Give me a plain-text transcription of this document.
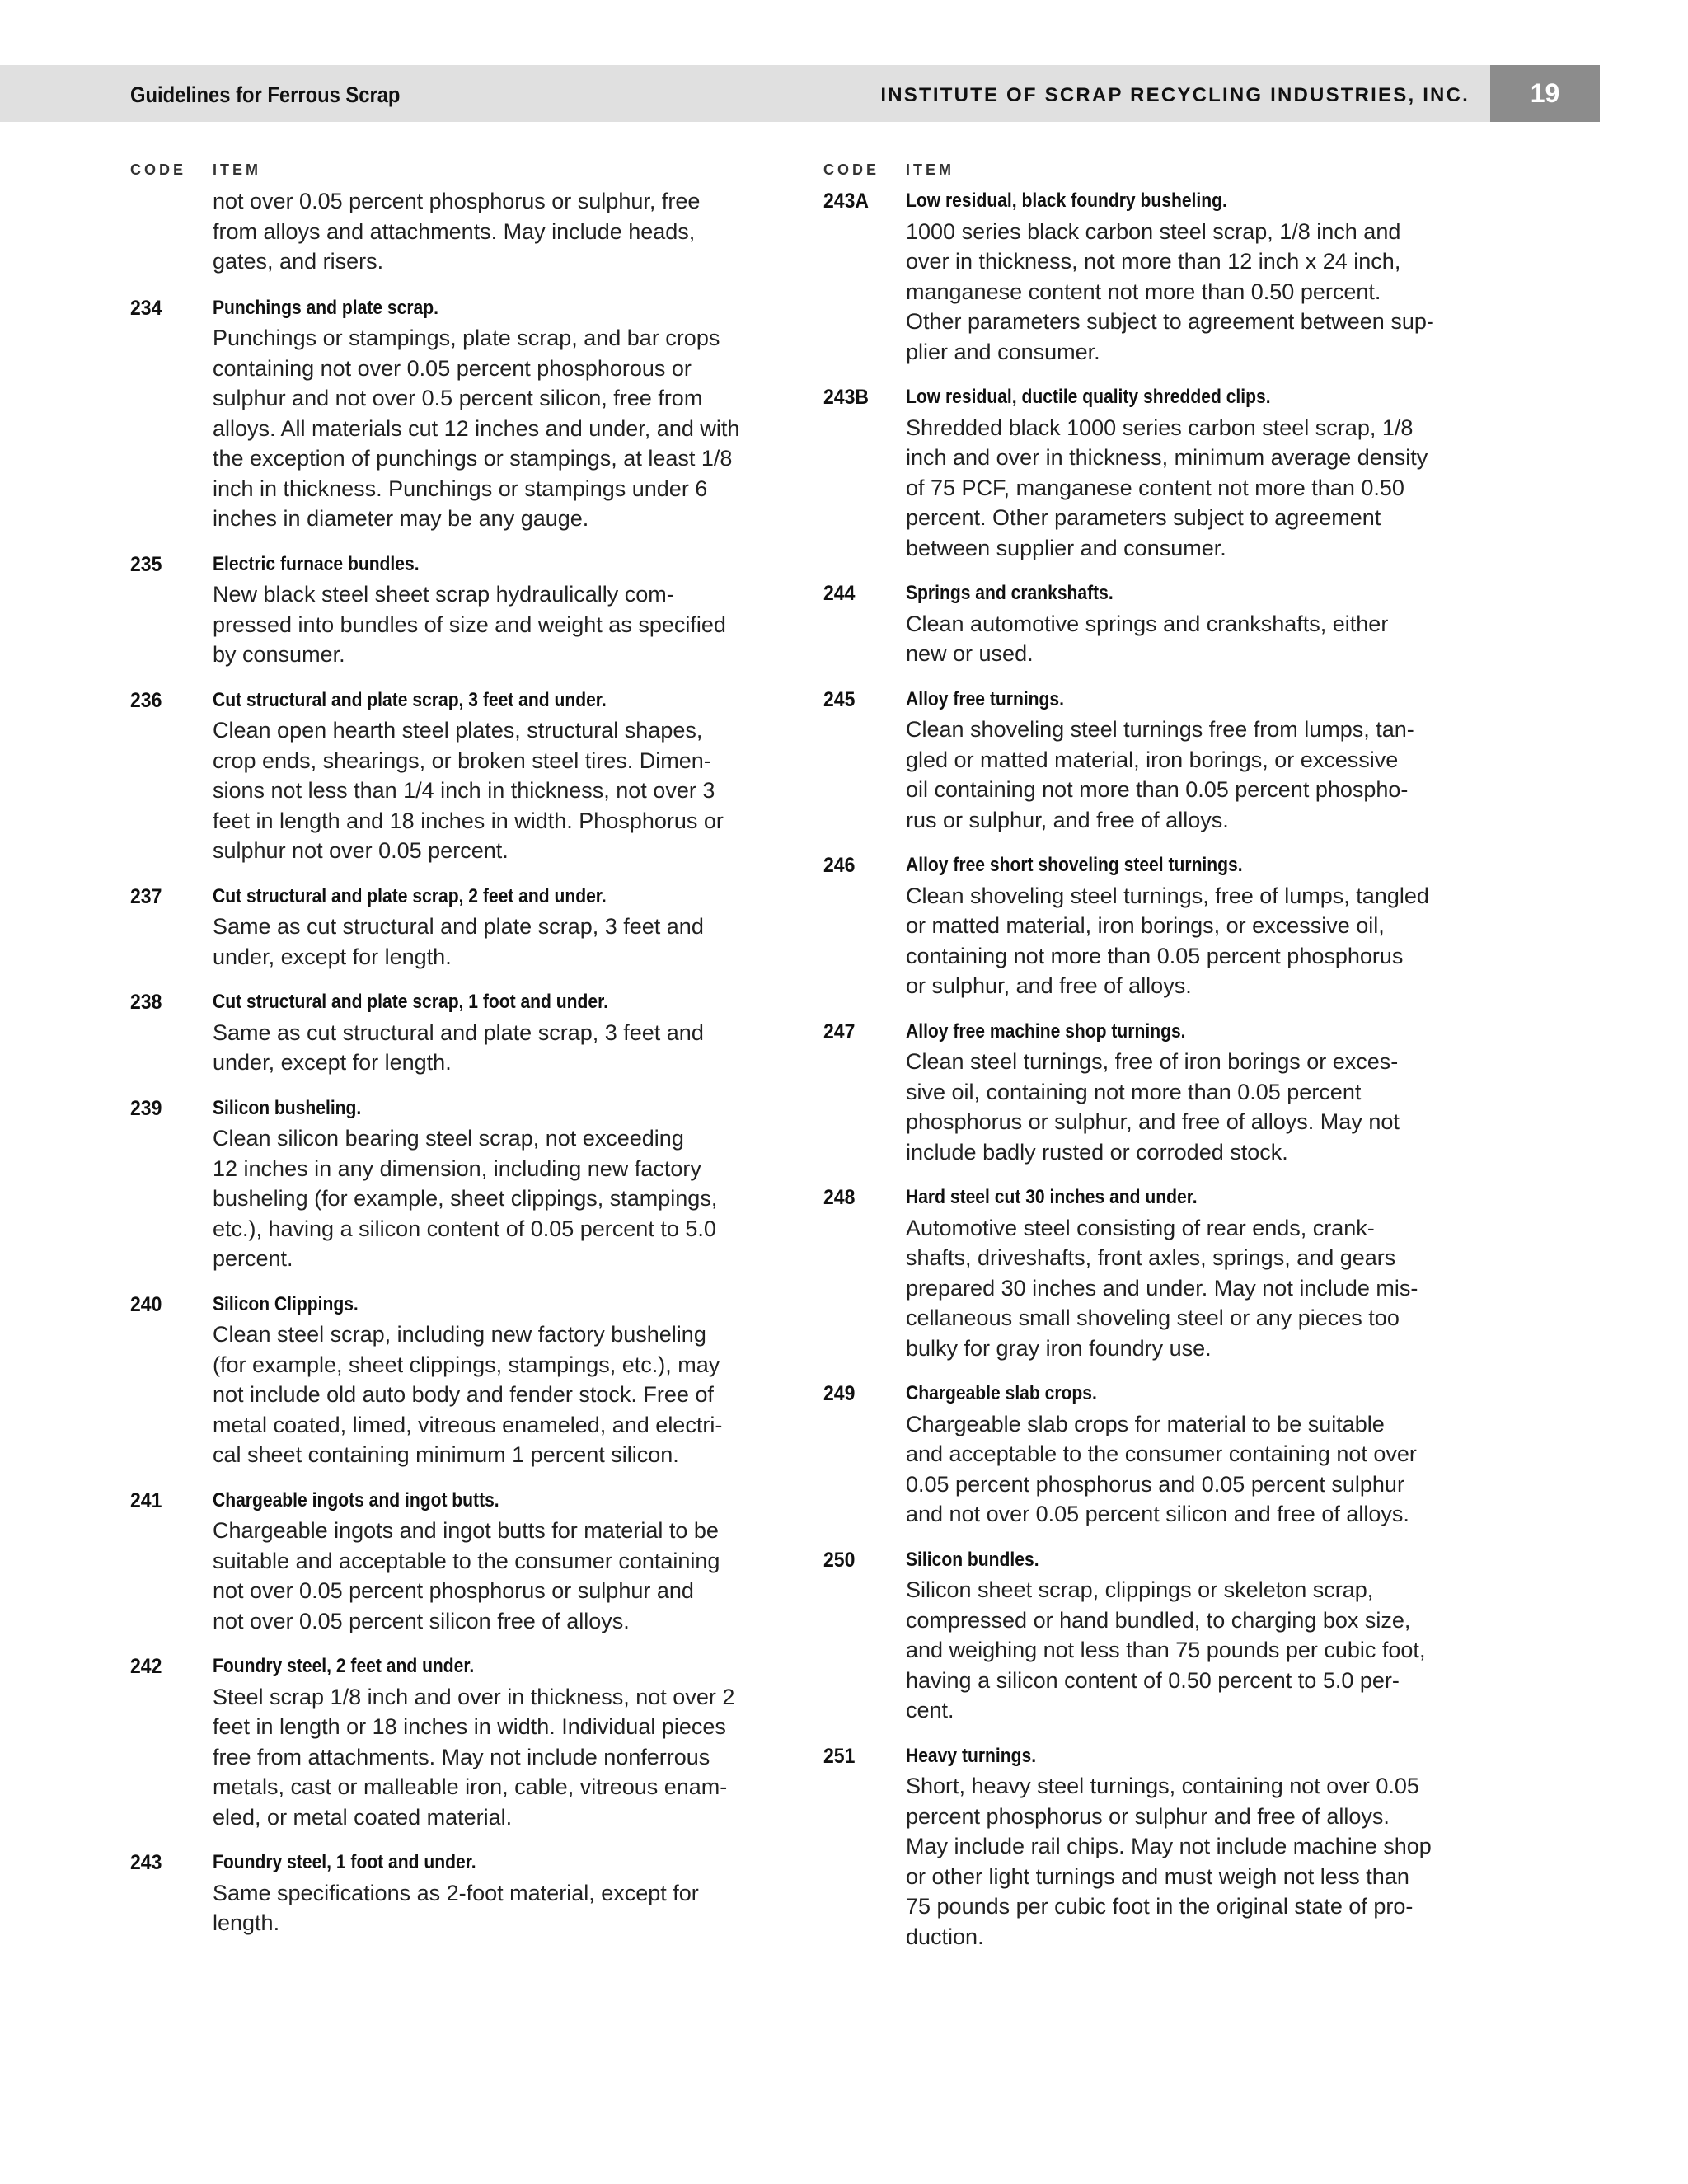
Guidelines for Ferrous Scrap	INSTITUTE OF SCRAP RECYCLING INDUSTRIES, INC.	19
CODE	ITEM
not over 0.05 percent phosphorus or sulphur, free
from alloys and attachments. May include heads,
gates, and risers.
234	Punchings and plate scrap.
Punchings or stampings, plate scrap, and bar crops
containing not over 0.05 percent phosphorous or
sulphur and not over 0.5 percent silicon, free from
alloys. All materials cut 12 inches and under, and with
the exception of punchings or stampings, at least 1/8
inch in thickness. Punchings or stampings under 6
inches in diameter may be any gauge.
235	Electric furnace bundles.
New black steel sheet scrap hydraulically com-
pressed into bundles of size and weight as specified
by consumer.
236	Cut structural and plate scrap, 3 feet and under.
Clean open hearth steel plates, structural shapes,
crop ends, shearings, or broken steel tires. Dimen-
sions not less than 1/4 inch in thickness, not over 3
feet in length and 18 inches in width. Phosphorus or
sulphur not over 0.05 percent.
237	Cut structural and plate scrap, 2 feet and under.
Same as cut structural and plate scrap, 3 feet and
under, except for length.
238	Cut structural and plate scrap, 1 foot and under.
Same as cut structural and plate scrap, 3 feet and
under, except for length.
239	Silicon busheling.
Clean silicon bearing steel scrap, not exceeding
12 inches in any dimension, including new factory
busheling (for example, sheet clippings, stampings,
etc.), having a silicon content of 0.05 percent to 5.0
percent.
240	Silicon Clippings.
Clean steel scrap, including new factory busheling
(for example, sheet clippings, stampings, etc.), may
not include old auto body and fender stock. Free of
metal coated, limed, vitreous enameled, and electri-
cal sheet containing minimum 1 percent silicon.
241	Chargeable ingots and ingot butts.
Chargeable ingots and ingot butts for material to be
suitable and acceptable to the consumer containing
not over 0.05 percent phosphorus or sulphur and
not over 0.05 percent silicon free of alloys.
242	Foundry steel, 2 feet and under.
Steel scrap 1/8 inch and over in thickness, not over 2
feet in length or 18 inches in width. Individual pieces
free from attachments. May not include nonferrous
metals, cast or malleable iron, cable, vitreous enam-
eled, or metal coated material.
243	Foundry steel, 1 foot and under.
Same specifications as 2-foot material, except for
length.
CODE	ITEM
243A	Low residual, black foundry busheling.
1000 series black carbon steel scrap, 1/8 inch and
over in thickness, not more than 12 inch x 24 inch,
manganese content not more than 0.50 percent.
Other parameters subject to agreement between sup-
plier and consumer.
243B	Low residual, ductile quality shredded clips.
Shredded black 1000 series carbon steel scrap, 1/8
inch and over in thickness, minimum average density
of 75 PCF, manganese content not more than 0.50
percent. Other parameters subject to agreement
between supplier and consumer.
244	Springs and crankshafts.
Clean automotive springs and crankshafts, either
new or used.
245	Alloy free turnings.
Clean shoveling steel turnings free from lumps, tan-
gled or matted material, iron borings, or excessive
oil containing not more than 0.05 percent phospho-
rus or sulphur, and free of alloys.
246	Alloy free short shoveling steel turnings.
Clean shoveling steel turnings, free of lumps, tangled
or matted material, iron borings, or excessive oil,
containing not more than 0.05 percent phosphorus
or sulphur, and free of alloys.
247	Alloy free machine shop turnings.
Clean steel turnings, free of iron borings or exces-
sive oil, containing not more than 0.05 percent
phosphorus or sulphur, and free of alloys. May not
include badly rusted or corroded stock.
248	Hard steel cut 30 inches and under.
Automotive steel consisting of rear ends, crank-
shafts, driveshafts, front axles, springs, and gears
prepared 30 inches and under. May not include mis-
cellaneous small shoveling steel or any pieces too
bulky for gray iron foundry use.
249	Chargeable slab crops.
Chargeable slab crops for material to be suitable
and acceptable to the consumer containing not over
0.05 percent phosphorus and 0.05 percent sulphur
and not over 0.05 percent silicon and free of alloys.
250	Silicon bundles.
Silicon sheet scrap, clippings or skeleton scrap,
compressed or hand bundled, to charging box size,
and weighing not less than 75 pounds per cubic foot,
having a silicon content of 0.50 percent to 5.0 per-
cent.
251	Heavy turnings.
Short, heavy steel turnings, containing not over 0.05
percent phosphorus or sulphur and free of alloys.
May include rail chips. May not include machine shop
or other light turnings and must weigh not less than
75 pounds per cubic foot in the original state of pro-
duction.
